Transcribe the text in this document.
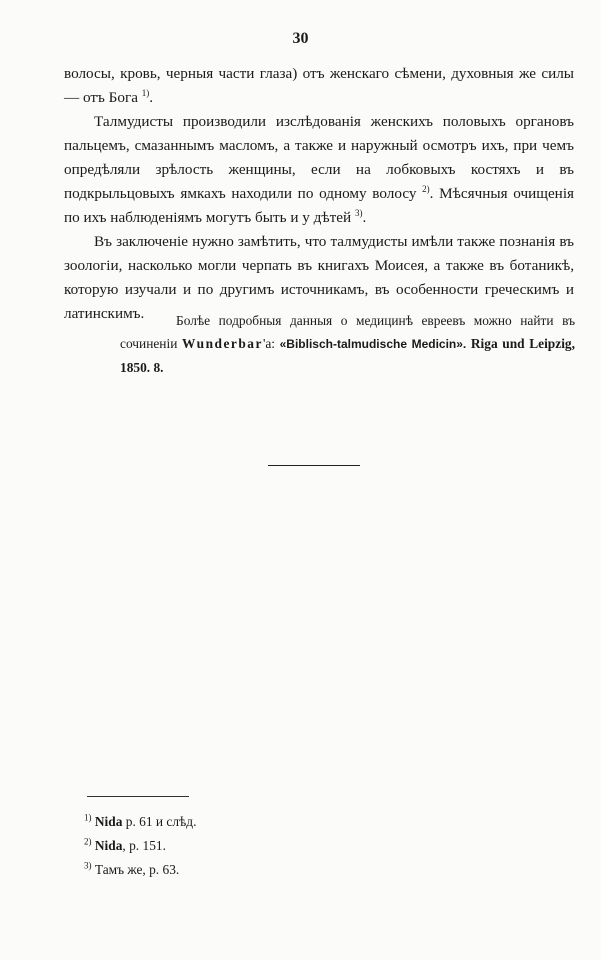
30

волосы, кровь, черныя части глаза) отъ женскаго сѣмени, духовныя же силы — отъ Бога $^{1)}$.

Талмудисты производили изслѣдованія женскихъ половыхъ органовъ пальцемъ, смазаннымъ масломъ, а также и наружный осмотръ ихъ, при чемъ опредѣляли зрѣлость женщины, если на лобковыхъ костяхъ и въ подкрыльцовыхъ ямкахъ находили по одному волосу $^{2)}$. Мѣсячныя очищенія по ихъ наблюденіямъ могутъ быть и у дѣтей $^{3)}$.

Въ заключеніе нужно замѣтить, что талмудисты имѣли также познанія въ зоологіи, насколько могли черпать въ книгахъ Моисея, а также въ ботаникѣ, которую изучали и по другимъ источникамъ, въ особенности греческимъ и латинскимъ.	Болѣе подробныя данныя о медицинѣ евреевъ можно найти въ сочиненіи Wunderbar'a: «Biblisch-talmudische Medicin». Riga und Leipzig, 1850. 8.

$^{1)}$ Nida p. 61 и слѣд.
$^{2)}$ Nida, p. 151.
$^{3)}$ Тамъ же, p. 63.
